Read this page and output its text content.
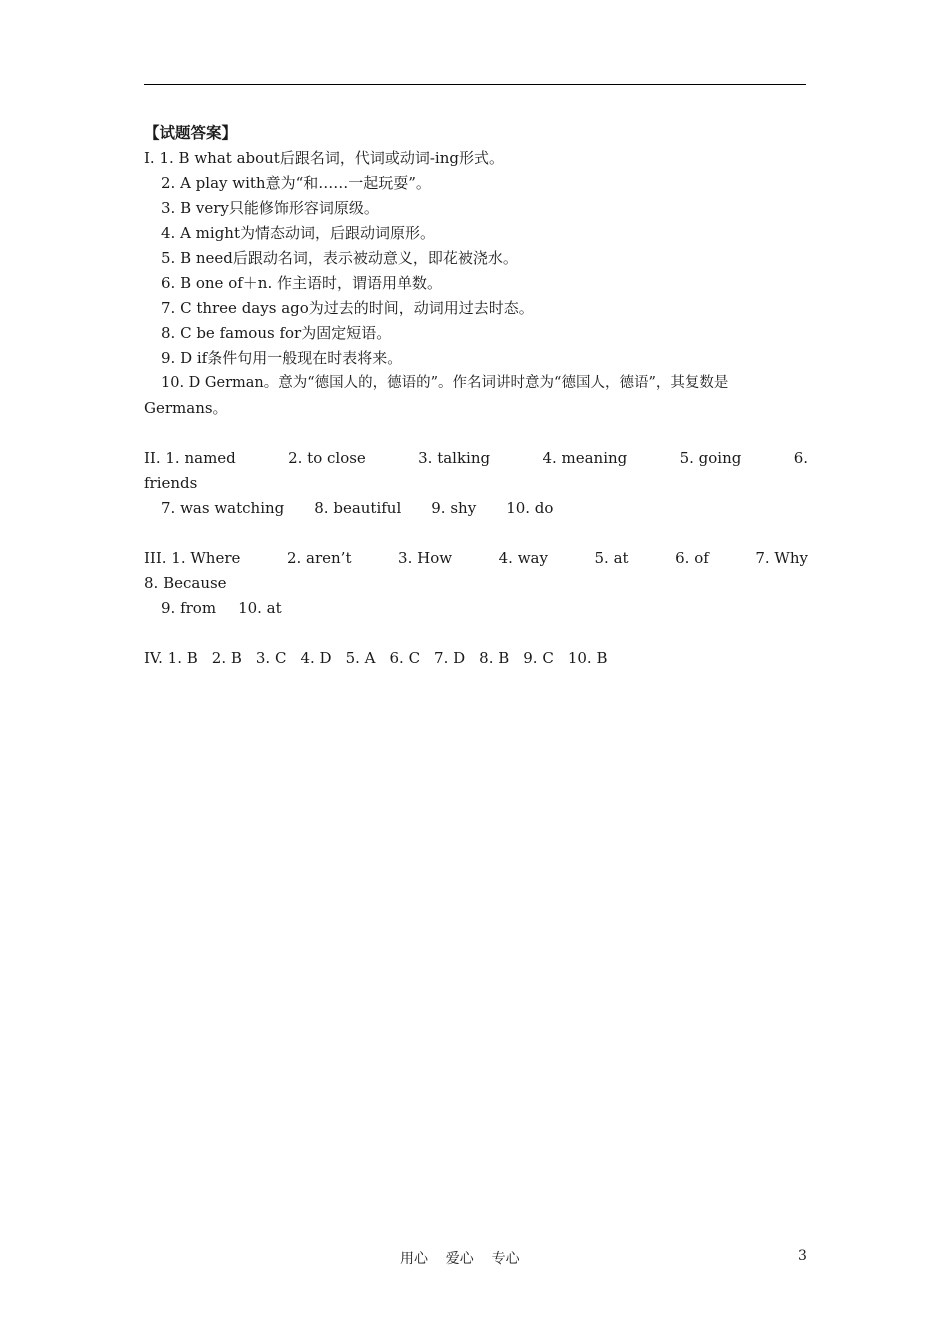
【试题答案】
I. 1. B what about后跟名词，代词或动词-ing形式。
2. A play with意为“和……一起玩耍”。
3. B very只能修饰形容词原级。
4. A might为情态动词，后跟动词原形。
5. B need后跟动名词，表示被动意义，即花被浇水。
6. B one of＋n. 作主语时，谓语用单数。
7. C three days ago为过去的时间，动词用过去时态。
8. C be famous for为固定短语。
9. D if条件句用一般现在时表将来。
10. D German。意为“德国人的，德语的”。作名词讲时意为“德国人，德语”，其复数是
Germans。
II. 1. named	2. to close	3. talking	4. meaning	5. going	6.
friends
7. was watching 8. beautiful 9. shy 10. do
III. 1. Where	2. aren’t	3. How	4. way	5. at	6. of	7. Why
8. Because
9. from 10. at
IV. 1. B 2. B 3. C 4. D 5. A 6. C 7. D 8. B 9. C 10. B
用心    爱心    专心	3
